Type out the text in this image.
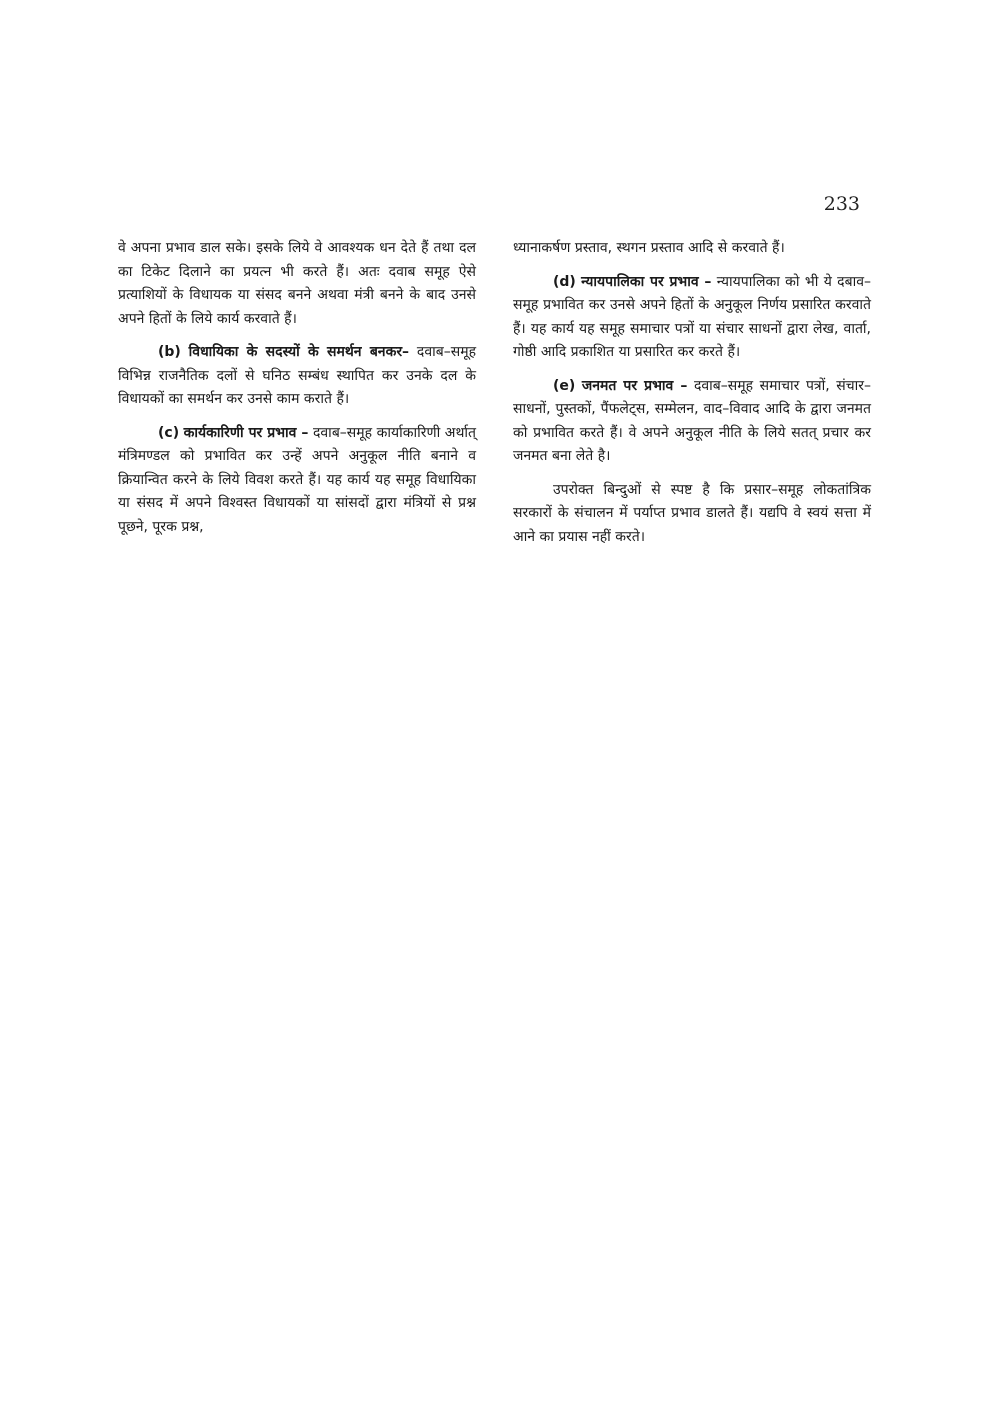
233

वे अपना प्रभाव डाल सके। इसके लिये वे आवश्यक धन देते हैं तथा दल का टिकेट दिलाने का प्रयत्न भी करते हैं। अतः दवाब समूह ऐसे प्रत्याशियों के विधायक या संसद बनने अथवा मंत्री बनने के बाद उनसे अपने हितों के लिये कार्य करवाते हैं।

(b) विधायिका के सदस्यों के समर्थन बनकर– दवाब–समूह विभिन्न राजनैतिक दलों से घनिठ सम्बंध स्थापित कर उनके दल के विधायकों का समर्थन कर उनसे काम कराते हैं।

(c) कार्यकारिणी पर प्रभाव – दवाब–समूह कार्याकारिणी अर्थात् मंत्रिमण्डल को प्रभावित कर उन्हें अपने अनुकूल नीति बनाने व क्रियान्वित करने के लिये विवश करते हैं। यह कार्य यह समूह विधायिका या संसद में अपने विश्वस्त विधायकों या सांसदों द्वारा मंत्रियों से प्रश्न पूछने, पूरक प्रश्न,

ध्यानाकर्षण प्रस्ताव, स्थगन प्रस्ताव आदि से करवाते हैं।

(d) न्यायपालिका पर प्रभाव – न्यायपालिका को भी ये दबाव–समूह प्रभावित कर उनसे अपने हितों के अनुकूल निर्णय प्रसारित करवाते हैं। यह कार्य यह समूह समाचार पत्रों या संचार साधनों द्वारा लेख, वार्ता, गोष्ठी आदि प्रकाशित या प्रसारित कर करते हैं।

(e) जनमत पर प्रभाव – दवाब–समूह समाचार पत्रों, संचार–साधनों, पुस्तकों, पैंफलेट्स, सम्मेलन, वाद–विवाद आदि के द्वारा जनमत को प्रभावित करते हैं। वे अपने अनुकूल नीति के लिये सतत् प्रचार कर जनमत बना लेते है।

उपरोक्त बिन्दुओं से स्पष्ट है कि प्रसार–समूह लोकतांत्रिक सरकारों के संचालन में पर्याप्त प्रभाव डालते हैं। यद्यपि वे स्वयं सत्ता में आने का प्रयास नहीं करते।
